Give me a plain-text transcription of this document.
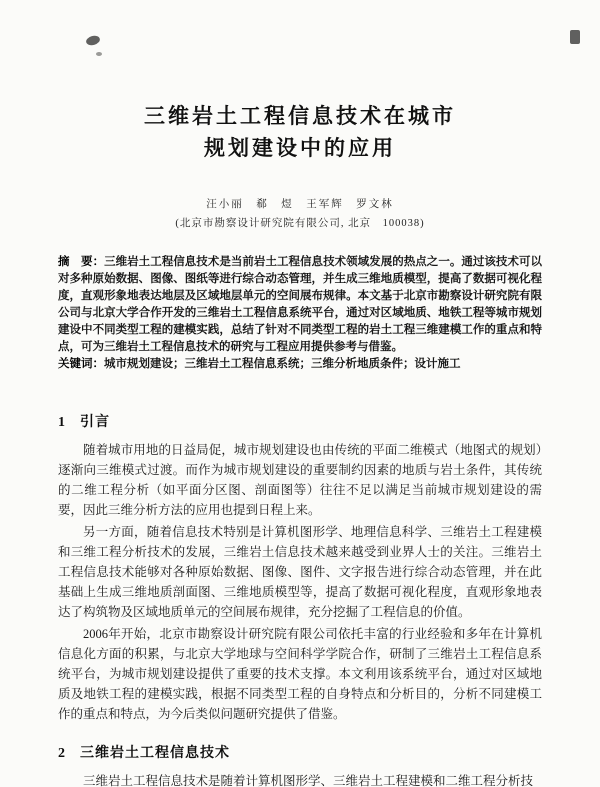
三维岩土工程信息技术在城市
规划建设中的应用
汪小丽　郗　煜　王军辉　罗文林
(北京市勘察设计研究院有限公司, 北京　100038)

摘　要：三维岩土工程信息技术是当前岩土工程信息技术领域发展的热点之一。通过该技术可以对多种原始数据、图像、图纸等进行综合动态管理，并生成三维地质模型，提高了数据可视化程度，直观形象地表达地层及区域地层单元的空间展布规律。本文基于北京市勘察设计研究院有限公司与北京大学合作开发的三维岩土工程信息系统平台，通过对区域地质、地铁工程等城市规划建设中不同类型工程的建模实践，总结了针对不同类型工程的岩土工程三维建模工作的重点和特点，可为三维岩土工程信息技术的研究与工程应用提供参考与借鉴。

关键词：城市规划建设；三维岩土工程信息系统；三维分析地质条件；设计施工

1 引言

随着城市用地的日益局促，城市规划建设也由传统的平面二维模式（地图式的规划）逐渐向三维模式过渡。而作为城市规划建设的重要制约因素的地质与岩土条件，其传统的二维工程分析（如平面分区图、剖面图等）往往不足以满足当前城市规划建设的需要，因此三维分析方法的应用也提到日程上来。

另一方面，随着信息技术特别是计算机图形学、地理信息科学、三维岩土工程建模和三维工程分析技术的发展，三维岩土信息技术越来越受到业界人士的关注。三维岩土工程信息技术能够对各种原始数据、图像、图件、文字报告进行综合动态管理，并在此基础上生成三维地质剖面图、三维地质模型等，提高了数据可视化程度，直观形象地表达了构筑物及区域地质单元的空间展布规律，充分挖掘了工程信息的价值。

2006年开始，北京市勘察设计研究院有限公司依托丰富的行业经验和多年在计算机信息化方面的积累，与北京大学地球与空间科学学院合作，研制了三维岩土工程信息系统平台，为城市规划建设提供了重要的技术支撑。本文利用该系统平台，通过对区域地质及地铁工程的建模实践，根据不同类型工程的自身特点和分析目的，分析不同建模工作的重点和特点，为今后类似问题研究提供了借鉴。

2 三维岩土工程信息技术

三维岩土工程信息技术是随着计算机图形学、三维岩土工程建模和二维工程分析技
